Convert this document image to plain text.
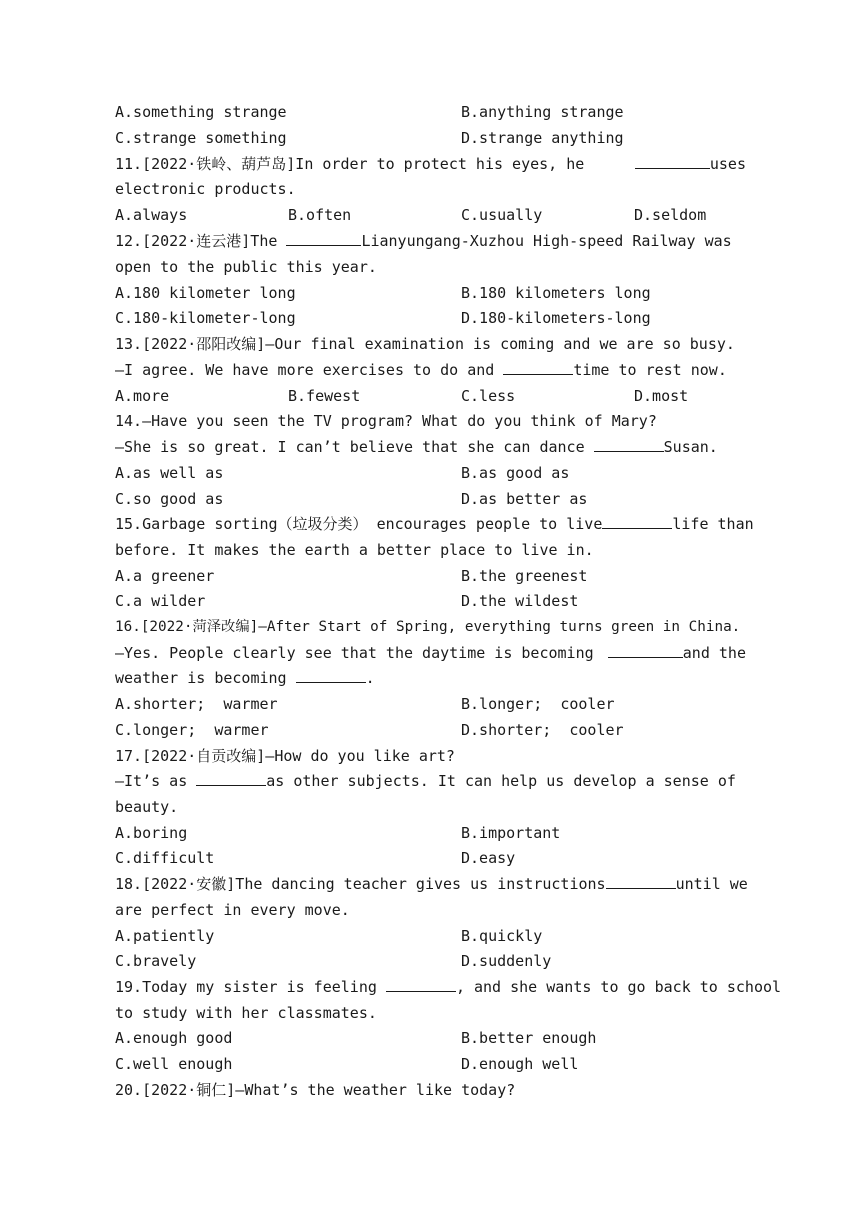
A.something strange	B.anything strange
C.strange something	D.strange anything
11.[2022·铁岭、葫芦岛]In order to protect his eyes, he	uses
electronic products.
A.always	B.often	C.usually	D.seldom
12.[2022·连云港]The	Lianyungang-Xuzhou High-speed Railway was
open to the public this year.
A.180 kilometer long	B.180 kilometers long
C.180-kilometer-long	D.180-kilometers-long
13.[2022·邵阳改编]—Our final examination is coming and we are so busy.
—I agree. We have more exercises to do and	time to rest now.
A.more	B.fewest	C.less	D.most
14.—Have you seen the TV program? What do you think of Mary?
—She is so great. I can’t believe that she can dance	Susan.
A.as well as	B.as good as
C.so good as	D.as better as
15.Garbage sorting（垃圾分类） encourages people to live	life than
before. It makes the earth a better place to live in.
A.a greener	B.the greenest
C.a wilder	D.the wildest
16.[2022·菏泽改编]—After Start of Spring, everything turns green in China.
—Yes. People clearly see that the daytime is becoming	and the
weather is becoming	.
A.shorter;  warmer	B.longer;  cooler
C.longer;  warmer	D.shorter;  cooler
17.[2022·自贡改编]—How do you like art?
—It’s as	as other subjects. It can help us develop a sense of
beauty.
A.boring	B.important
C.difficult	D.easy
18.[2022·安徽]The dancing teacher gives us instructions	until we
are perfect in every move.
A.patiently	B.quickly
C.bravely	D.suddenly
19.Today my sister is feeling	, and she wants to go back to school
to study with her classmates.
A.enough good	B.better enough
C.well enough	D.enough well
20.[2022·铜仁]—What’s the weather like today?
